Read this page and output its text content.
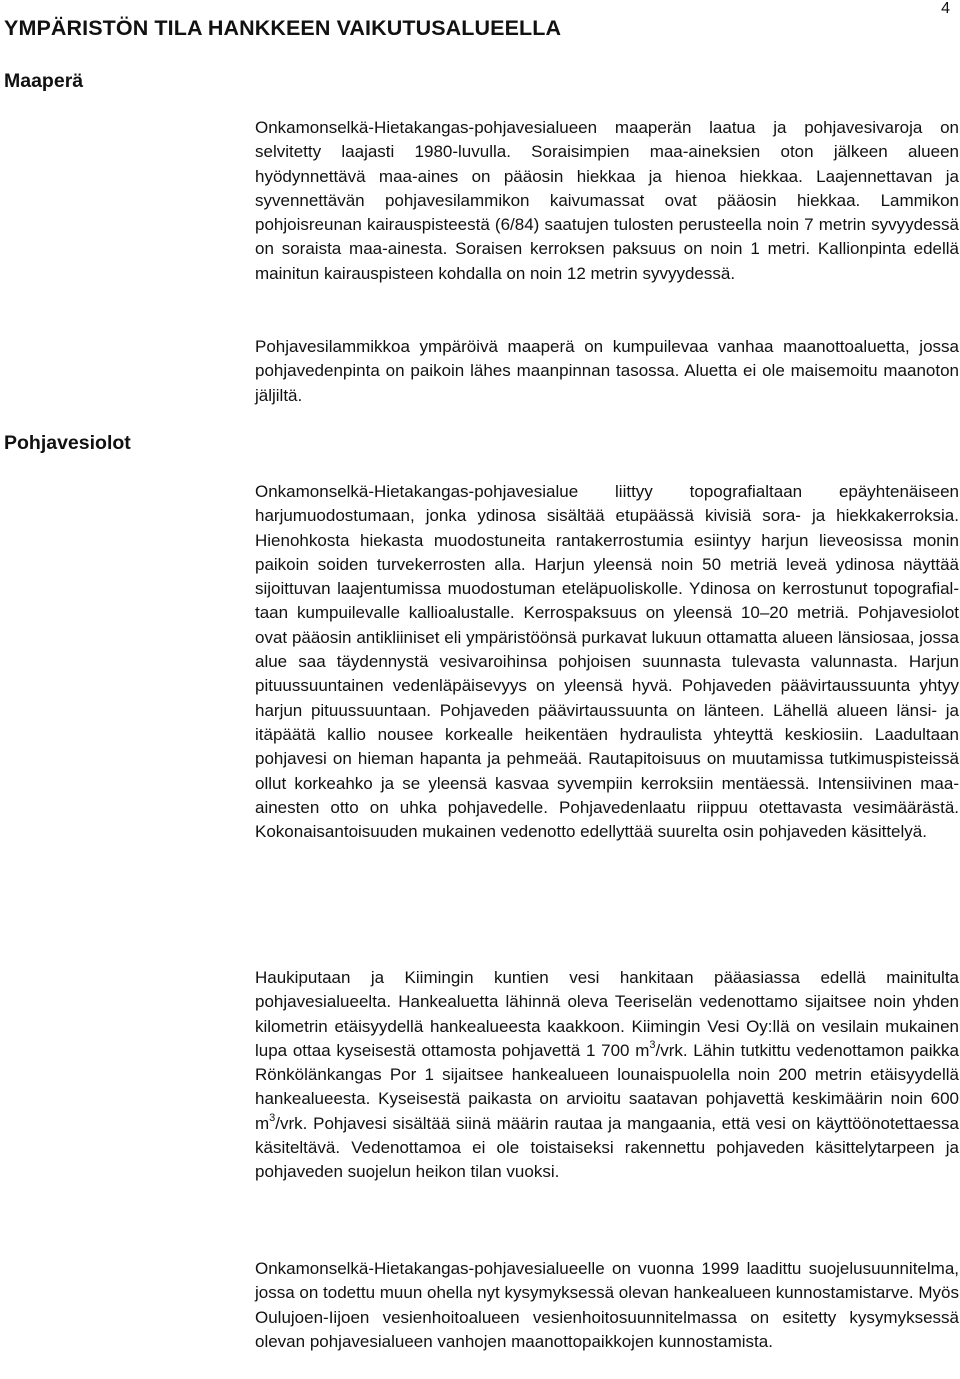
4
YMPÄRISTÖN TILA HANKKEEN VAIKUTUSALUEELLA
Maaperä

Onkamonselkä-Hietakangas-pohjavesialueen maaperän laatua ja pohjavesivaroja on selvitetty laajasti 1980-luvulla. Soraisimpien maa-aineksien oton jälkeen alueen hyödynnettävä maa-aines on pääosin hiekkaa ja hienoa hiekkaa. Laajennettavan ja syvennettävän pohjavesilammikon kaivumassat ovat pääosin hiekkaa. Lammikon pohjoisreunan kairauspisteestä (6/84) saatujen tulosten perusteella noin 7 metrin syvyydessä on soraista maa-ainesta. Soraisen kerroksen paksuus on noin 1 metri. Kallionpinta edellä mainitun kairauspisteen kohdalla on noin 12 metrin syvyydessä.

Pohjavesilammikkoa ympäröivä maaperä on kumpuilevaa vanhaa maanottoaluetta, jossa pohjavedenpinta on paikoin lähes maanpinnan tasossa. Aluetta ei ole maisemoitu maanoton jäljiltä.

Pohjavesiolot

Onkamonselkä-Hietakangas-pohjavesialue liittyy topografialtaan epäyhtenäiseen harjumuodostumaan, jonka ydinosa sisältää etupäässä kivisiä sora- ja hiekkakerroksia. Hienohkosta hiekasta muodostuneita rantakerrostumia esiintyy harjun lieveosissa monin paikoin soiden turvekerrosten alla. Harjun yleensä noin 50 metriä leveä ydinosa näyttää sijoittuvan laajentumissa muodostuman eteläpuoliskolle. Ydinosa on kerrostunut topografialtaan kumpuilevalle kallioalustalle. Kerrospaksuus on yleensä 10–20 metriä. Pohjavesiolot ovat pääosin antikliiniset eli ympäristöönsä purkavat lukuun ottamatta alueen länsiosaa, jossa alue saa täydennystä vesivaroihinsa pohjoisen suunnasta tulevasta valunnasta. Harjun pituussuuntainen vedenläpäisevyys on yleensä hyvä. Pohjaveden päävirtaussuunta yhtyy harjun pituussuuntaan. Pohjaveden päävirtaussuunta on länteen. Lähellä alueen länsi- ja itäpäätä kallio nousee korkealle heikentäen hydraulista yhteyttä keskiosiin. Laadultaan pohjavesi on hieman hapanta ja pehmeää. Rautapitoisuus on muutamissa tutkimuspisteissä ollut korkeahko ja se yleensä kasvaa syvempiin kerroksiin mentäessä. Intensiivinen maaainesten otto on uhka pohjavedelle. Pohjavedenlaatu riippuu otettavasta vesimäärästä. Kokonaisantoisuuden mukainen vedenotto edellyttää suurelta osin pohjaveden käsittelyä.

Haukiputaan ja Kiimingin kuntien vesi hankitaan pääasiassa edellä mainitulta pohjavesialueelta. Hankealuetta lähinnä oleva Teeriselän vedenottamo sijaitsee noin yhden kilometrin etäisyydellä hankealueesta kaakkoon. Kiimingin Vesi Oy:llä on vesilain mukainen lupa ottaa kyseisestä ottamosta pohjavettä 1 700 $m^3$/vrk. Lähin tutkittu vedenottamon paikka Rönkölänkangas Por 1 sijaitsee hankealueen lounaispuolella noin 200 metrin etäisyydellä hankealueesta. Kyseisestä paikasta on arvioitu saatavan pohjavettä keskimäärin noin 600 $m^3$/vrk. Pohjavesi sisältää siinä määrin rautaa ja mangaania, että vesi on käyttöönotettaessa käsiteltävä. Vedenottamoa ei ole toistaiseksi rakennettu pohjaveden käsittelytarpeen ja pohjaveden suojelun heikon tilan vuoksi.

Onkamonselkä-Hietakangas-pohjavesialueelle on vuonna 1999 laadittu suojelusuunnitelma, jossa on todettu muun ohella nyt kysymyksessä olevan hankealueen kunnostamistarve. Myös Oulujoen-Iijoen vesienhoitoalueen vesienhoitosuunnitelmassa on esitetty kysymyksessä olevan pohjavesialueen vanhojen maanottopaikkojen kunnostamista.
